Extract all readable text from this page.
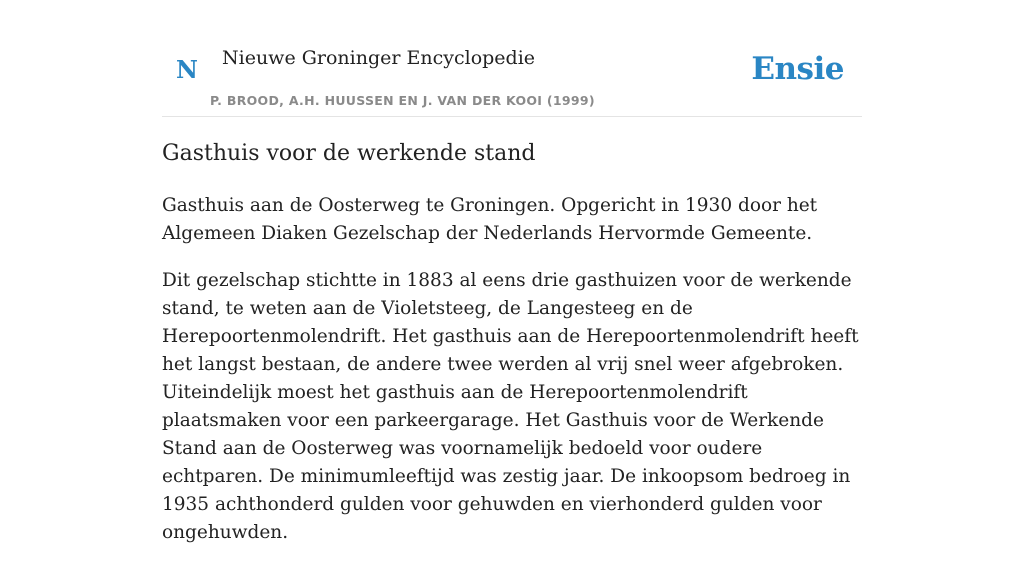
N Nieuwe Groninger Encyclopedie
P. BROOD, A.H. HUUSSEN EN J. VAN DER KOOI (1999)
Ensie
Gasthuis voor de werkende stand

Gasthuis aan de Oosterweg te Groningen. Opgericht in 1930 door het Algemeen Diaken Gezelschap der Nederlands Hervormde Gemeente.

Dit gezelschap stichtte in 1883 al eens drie gasthuizen voor de werkende stand, te weten aan de Violetsteeg, de Langesteeg en de Herepoortenmolendrift. Het gasthuis aan de Herepoortenmolendrift heeft het langst bestaan, de andere twee werden al vrij snel weer afgebroken. Uiteindelijk moest het gasthuis aan de Herepoortenmolendrift plaatsmaken voor een parkeergarage. Het Gasthuis voor de Werkende Stand aan de Oosterweg was voornamelijk bedoeld voor oudere echtparen. De minimumleeftijd was zestig jaar. De inkoopsom bedroeg in 1935 achthonderd gulden voor gehuwden en vierhonderd gulden voor ongehuwden.
